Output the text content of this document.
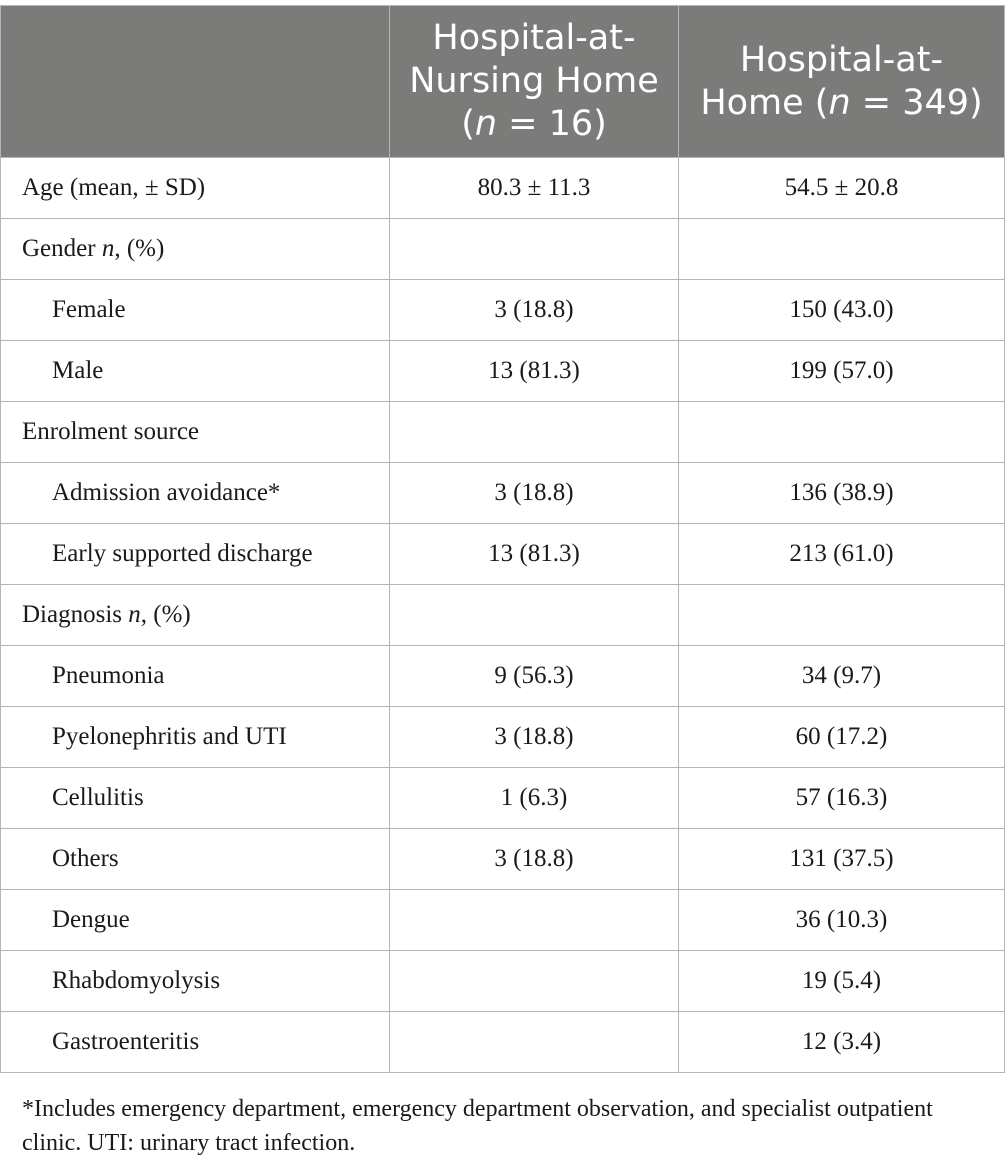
	Hospital-at-Nursing Home (n = 16)	Hospital-at-Home (n = 349)
Age (mean, ± SD)	80.3 ± 11.3	54.5 ± 20.8
Gender n, (%)		
Female	3 (18.8)	150 (43.0)
Male	13 (81.3)	199 (57.0)
Enrolment source		
Admission avoidance*	3 (18.8)	136 (38.9)
Early supported discharge	13 (81.3)	213 (61.0)
Diagnosis n, (%)		
Pneumonia	9 (56.3)	34 (9.7)
Pyelonephritis and UTI	3 (18.8)	60 (17.2)
Cellulitis	1 (6.3)	57 (16.3)
Others	3 (18.8)	131 (37.5)
Dengue		36 (10.3)
Rhabdomyolysis		19 (5.4)
Gastroenteritis		12 (3.4)
*Includes emergency department, emergency department observation, and specialist outpatient clinic. UTI: urinary tract infection.
